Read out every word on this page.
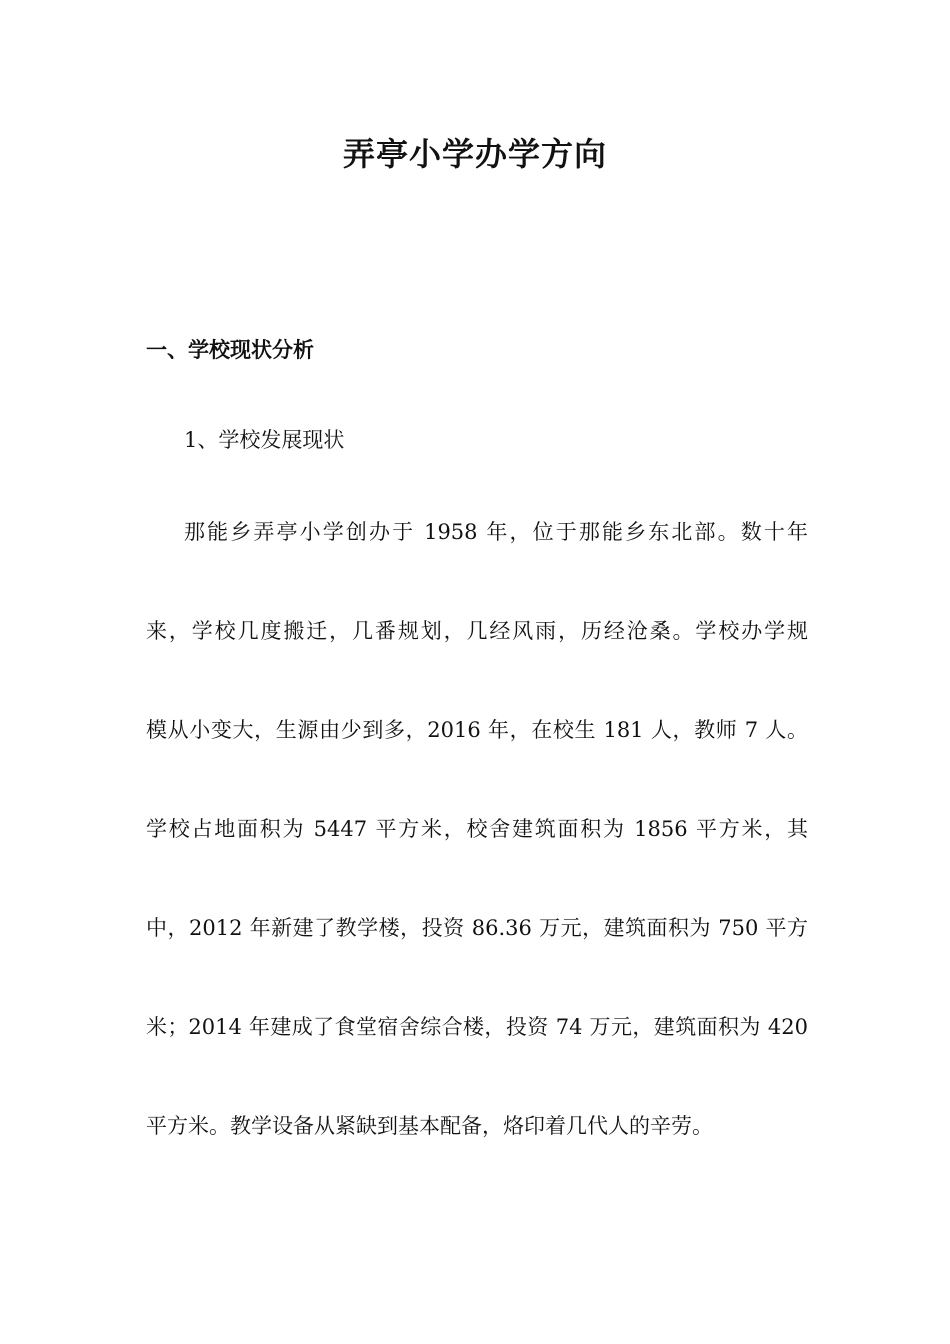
弄亭小学办学方向
一、学校现状分析
1、学校发展现状
那能乡弄亭小学创办于 1958 年，位于那能乡东北部。数十年
来，学校几度搬迁，几番规划，几经风雨，历经沧桑。学校办学规
模从小变大，生源由少到多，2016 年，在校生 181 人，教师 7 人。
学校占地面积为 5447 平方米，校舍建筑面积为 1856 平方米，其
中，2012 年新建了教学楼，投资 86.36 万元，建筑面积为 750 平方
米；2014 年建成了食堂宿舍综合楼，投资 74 万元，建筑面积为 420
平方米。教学设备从紧缺到基本配备，烙印着几代人的辛劳。
